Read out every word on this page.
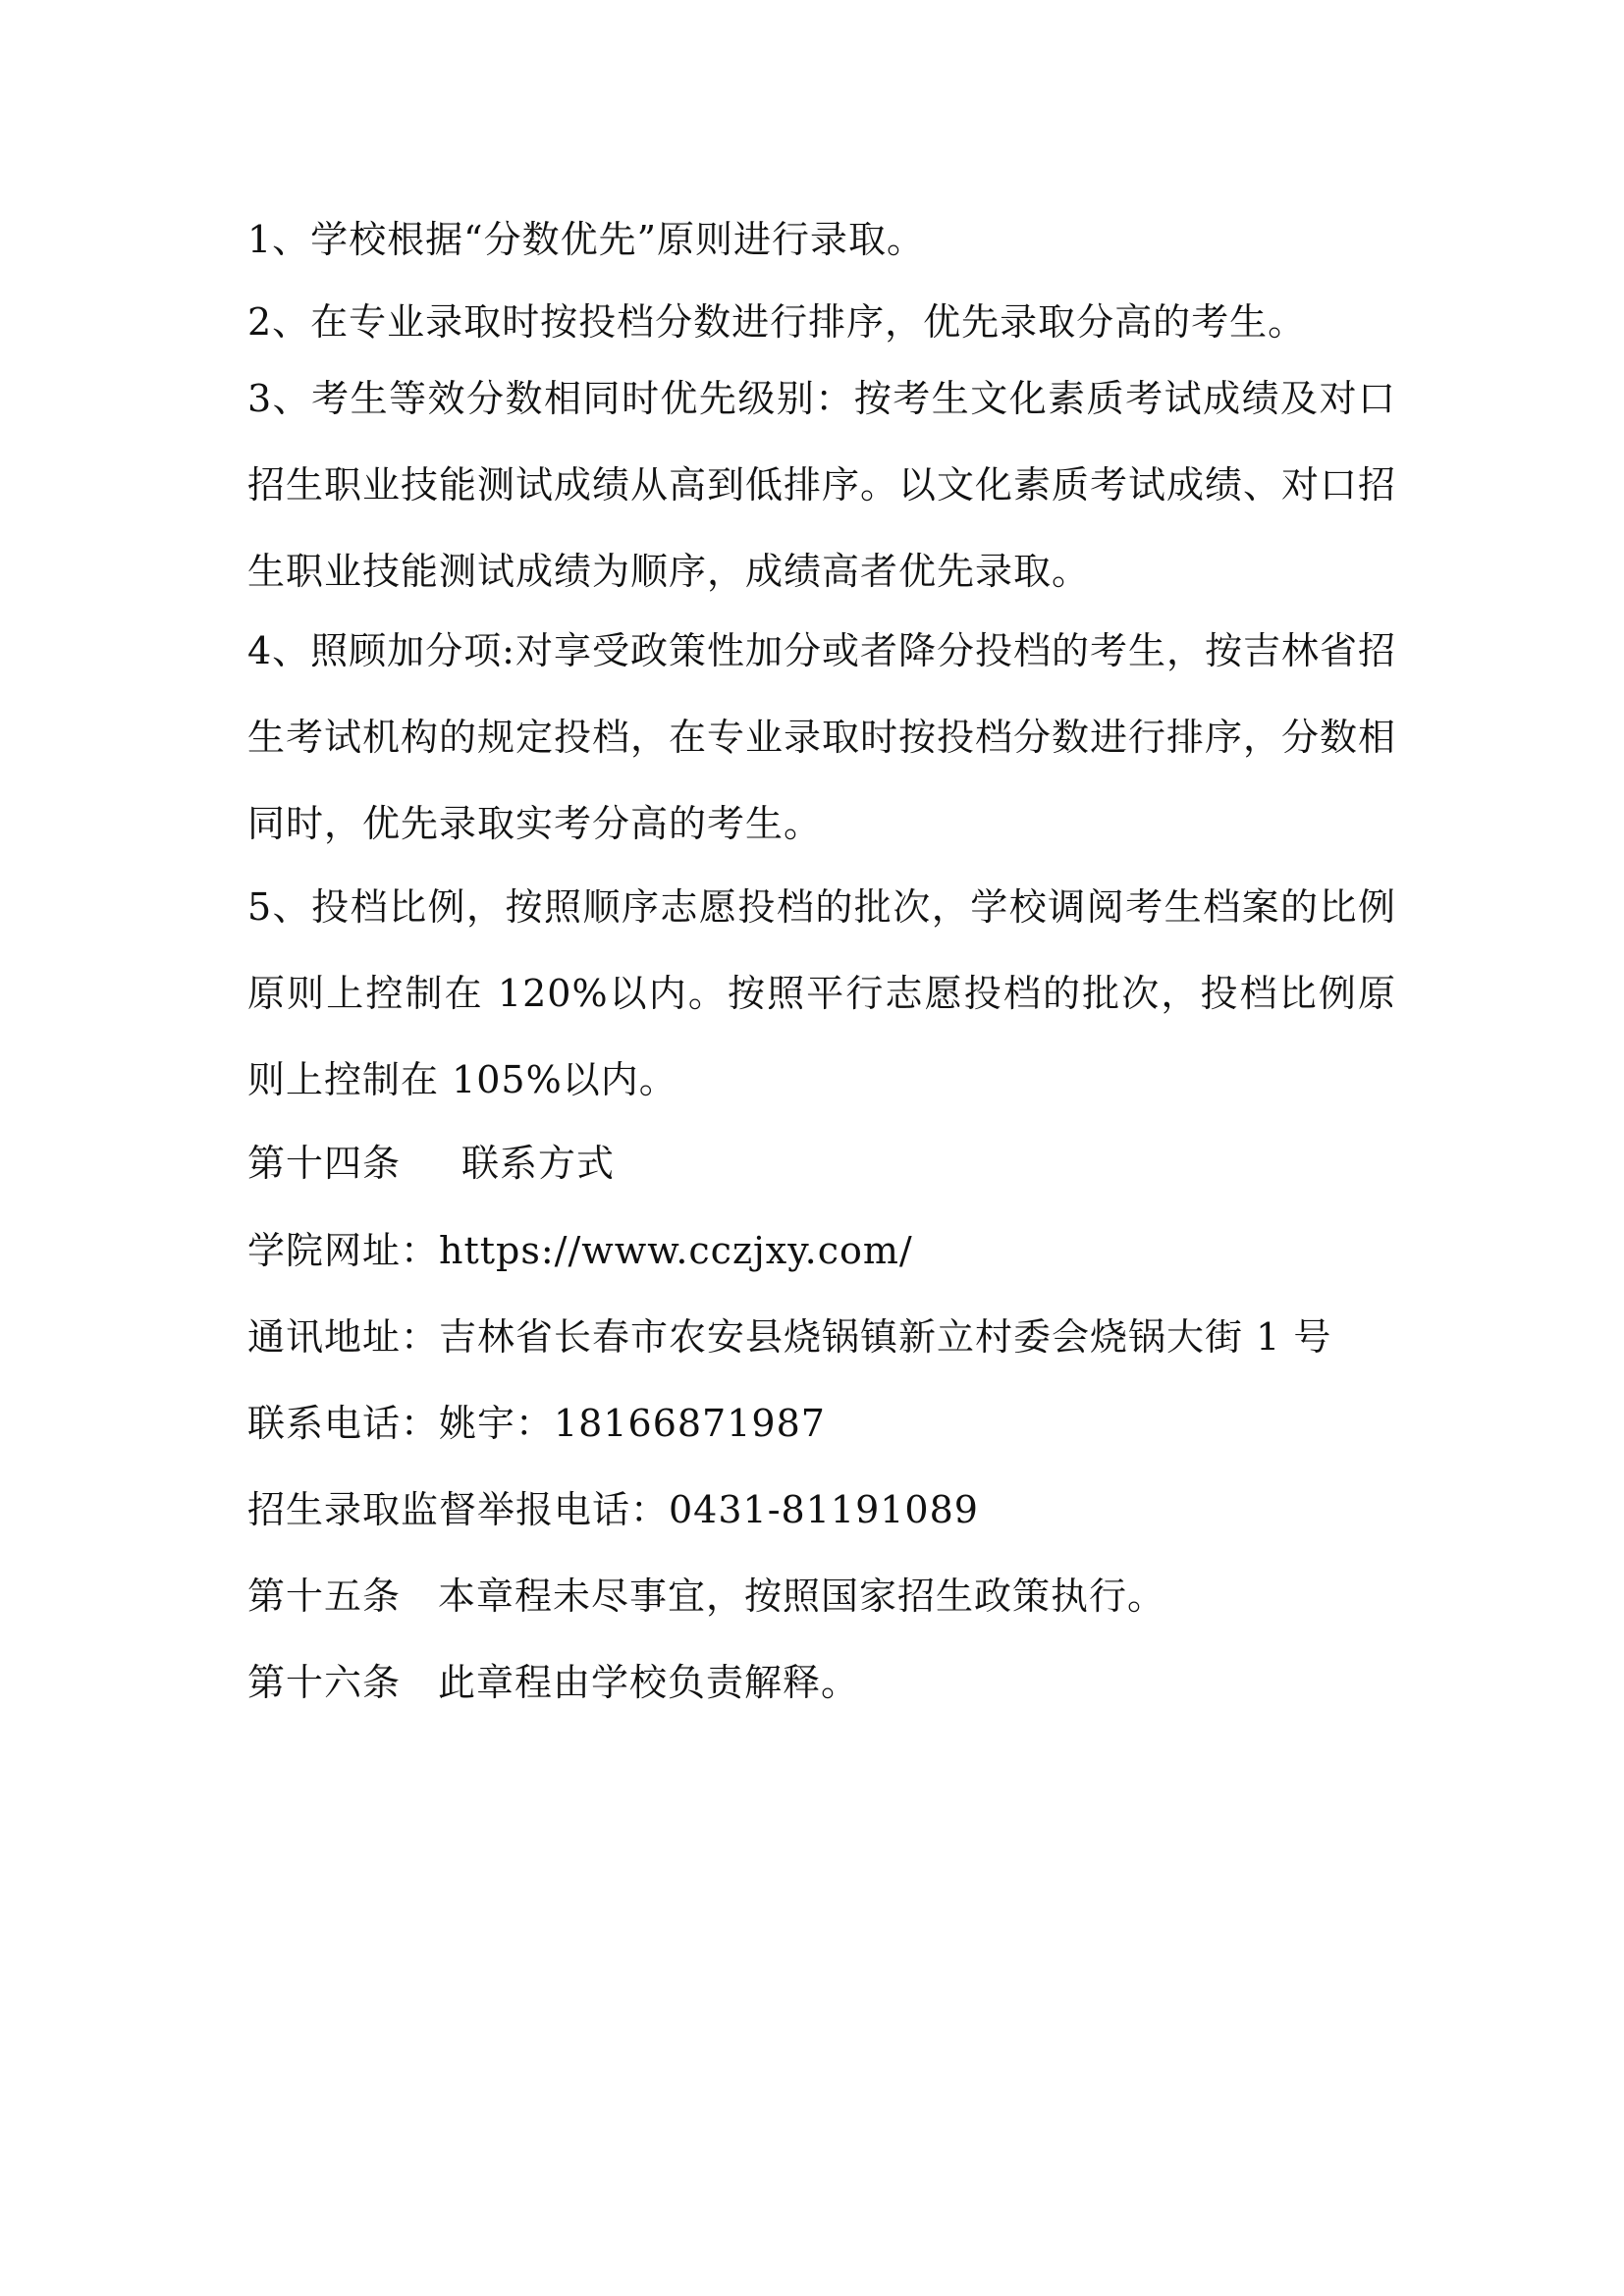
1、学校根据“分数优先”原则进行录取。

2、在专业录取时按投档分数进行排序，优先录取分高的考生。

3、考生等效分数相同时优先级别：按考生文化素质考试成绩及对口招生职业技能测试成绩从高到低排序。以文化素质考试成绩、对口招生职业技能测试成绩为顺序，成绩高者优先录取。

4、照顾加分项:对享受政策性加分或者降分投档的考生，按吉林省招生考试机构的规定投档，在专业录取时按投档分数进行排序，分数相同时，优先录取实考分高的考生。

5、投档比例，按照顺序志愿投档的批次，学校调阅考生档案的比例原则上控制在 120%以内。按照平行志愿投档的批次，投档比例原则上控制在 105%以内。

第十四条 联系方式

学院网址：https://www.cczjxy.com/

通讯地址：吉林省长春市农安县烧锅镇新立村委会烧锅大街 1 号

联系电话：姚宇：18166871987

招生录取监督举报电话：0431-81191089

第十五条 本章程未尽事宜，按照国家招生政策执行。

第十六条 此章程由学校负责解释。
